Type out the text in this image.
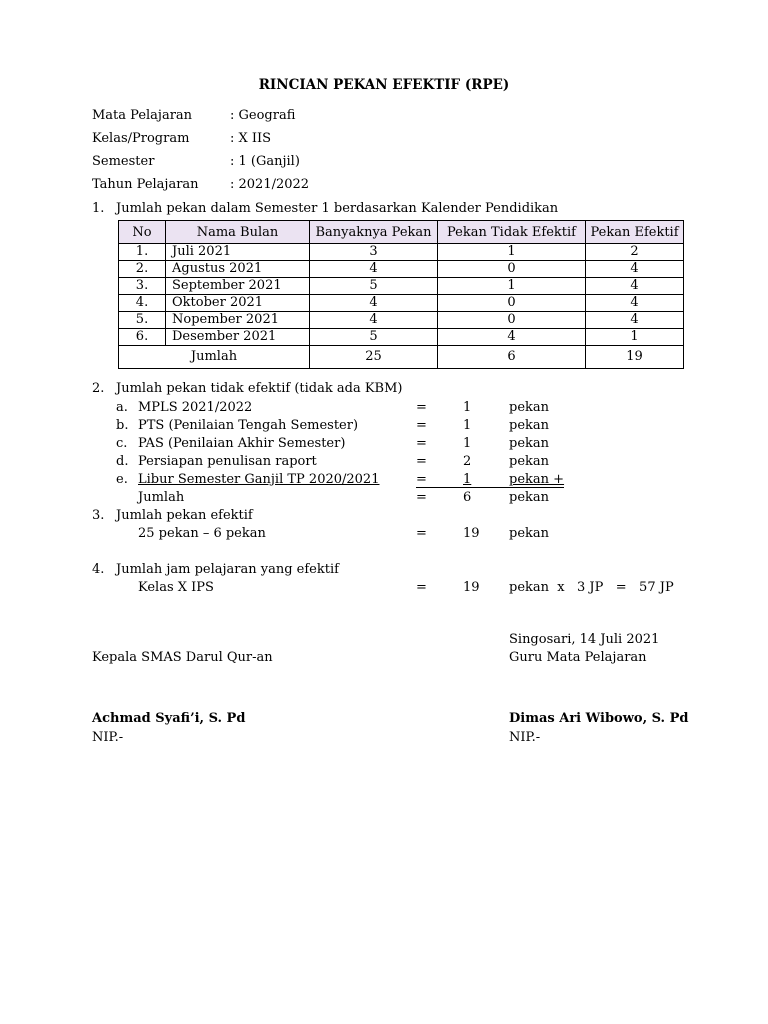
RINCIAN PEKAN EFEKTIF (RPE)
Mata Pelajaran	: Geografi
Kelas/Program	: X IIS
Semester	: 1 (Ganjil)
Tahun Pelajaran : 2021/2022
1. Jumlah pekan dalam Semester 1 berdasarkan Kalender Pendidikan
No	Nama Bulan	Banyaknya Pekan	Pekan Tidak Efektif	Pekan Efektif
1.	Juli 2021	3	1	2
2.	Agustus 2021	4	0	4
3.	September 2021	5	1	4
4.	Oktober 2021	4	0	4
5.	Nopember 2021	4	0	4
6.	Desember 2021	5	4	1
Jumlah		25	6	19
2. Jumlah pekan tidak efektif (tidak ada KBM)
a. MPLS 2021/2022	=	1	pekan
b. PTS (Penilaian Tengah Semester)	=	1	pekan
c. PAS (Penilaian Akhir Semester)	=	1	pekan
d. Persiapan penulisan raport	=	2	pekan
e. Libur Semester Ganjil TP 2020/2021	=	1	pekan +
Jumlah	=	6	pekan
3. Jumlah pekan efektif
25 pekan – 6 pekan	=	19 pekan
4. Jumlah jam pelajaran yang efektif
Kelas X IPS	=	19 pekan  x   3 JP   =   57 JP
Singosari, 14 Juli 2021
Kepala SMAS Darul Qur-an	Guru Mata Pelajaran
Achmad Syafi’i, S. Pd	Dimas Ari Wibowo, S. Pd
NIP.-	NIP.-
